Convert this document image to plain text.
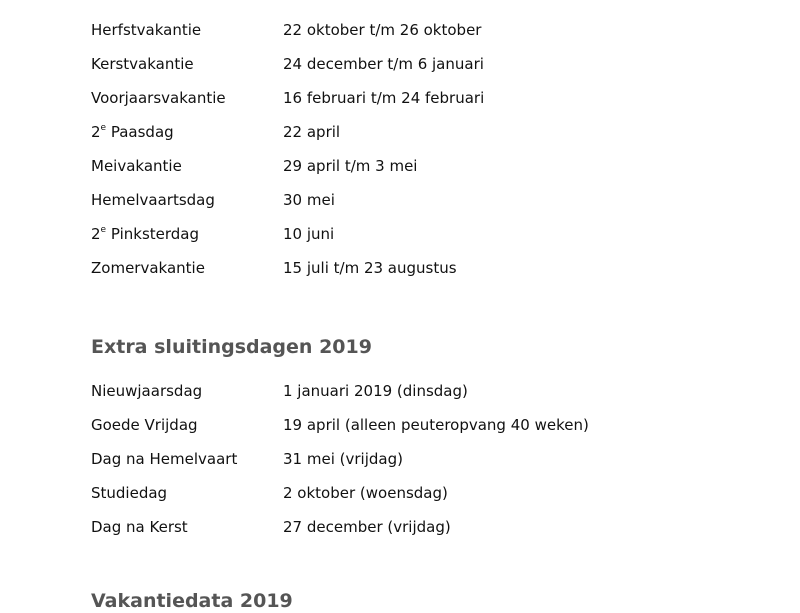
Herfstvakantie	22 oktober t/m 26 oktober
Kerstvakantie	24 december t/m 6 januari
Voorjaarsvakantie	16 februari t/m 24 februari
2e Paasdag	22 april
Meivakantie	29 april t/m 3 mei
Hemelvaartsdag	30 mei
2e Pinksterdag	10 juni
Zomervakantie	15 juli t/m 23 augustus
Extra sluitingsdagen 2019
Nieuwjaarsdag	1 januari 2019 (dinsdag)
Goede Vrijdag	19 april (alleen peuteropvang 40 weken)
Dag na Hemelvaart	31 mei (vrijdag)
Studiedag	2 oktober (woensdag)
Dag na Kerst	27 december (vrijdag)
Vakantiedata 2019
